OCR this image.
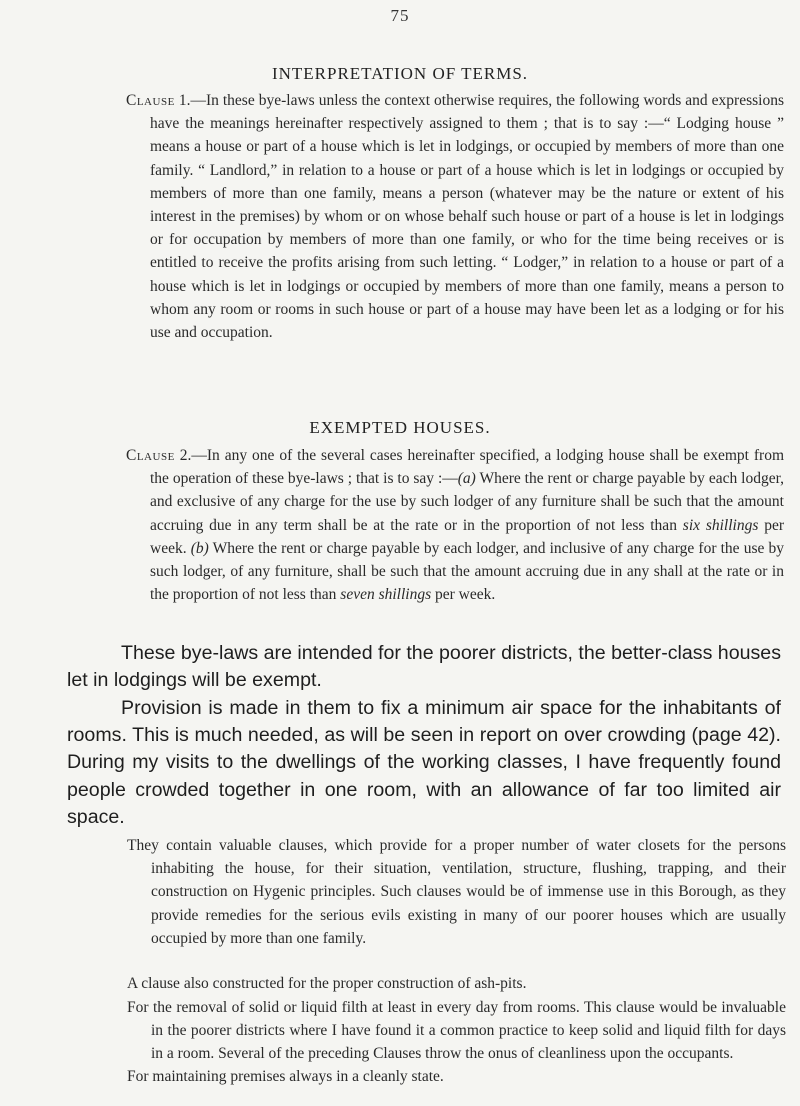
75
INTERPRETATION OF TERMS.
Clause 1.—In these bye-laws unless the context otherwise requires, the following words and expressions have the meanings hereinafter respectively assigned to them ; that is to say :—“ Lodging house ” means a house or part of a house which is let in lodgings, or occupied by members of more than one family. “ Landlord,” in relation to a house or part of a house which is let in lodgings or occupied by members of more than one family, means a person (whatever may be the nature or extent of his interest in the premises) by whom or on whose behalf such house or part of a house is let in lodgings or for occupation by members of more than one family, or who for the time being receives or is entitled to receive the profits arising from such letting. “ Lodger,” in relation to a house or part of a house which is let in lodgings or occupied by members of more than one family, means a person to whom any room or rooms in such house or part of a house may have been let as a lodging or for his use and occupation.
EXEMPTED HOUSES.
Clause 2.—In any one of the several cases hereinafter specified, a lodging house shall be exempt from the operation of these bye-laws ; that is to say :—(a) Where the rent or charge payable by each lodger, and exclusive of any charge for the use by such lodger of any furniture shall be such that the amount accruing due in any term shall be at the rate or in the proportion of not less than six shillings per week. (b) Where the rent or charge payable by each lodger, and inclusive of any charge for the use by such lodger, of any furniture, shall be such that the amount accruing due in any shall at the rate or in the proportion of not less than seven shillings per week.
These bye-laws are intended for the poorer districts, the better-class houses let in lodgings will be exempt.
Provision is made in them to fix a minimum air space for the inhabitants of rooms. This is much needed, as will be seen in report on over crowding (page 42). During my visits to the dwellings of the working classes, I have frequently found people crowded together in one room, with an allowance of far too limited air space.
They contain valuable clauses, which provide for a proper number of water closets for the persons inhabiting the house, for their situation, ventilation, structure, flushing, trapping, and their construction on Hygenic principles. Such clauses would be of immense use in this Borough, as they provide remedies for the serious evils existing in many of our poorer houses which are usually occupied by more than one family.
A clause also constructed for the proper construction of ash-pits.
For the removal of solid or liquid filth at least in every day from rooms. This clause would be invaluable in the poorer districts where I have found it a common practice to keep solid and liquid filth for days in a room. Several of the preceding Clauses throw the onus of cleanliness upon the occupants.
For maintaining premises always in a cleanly state.
